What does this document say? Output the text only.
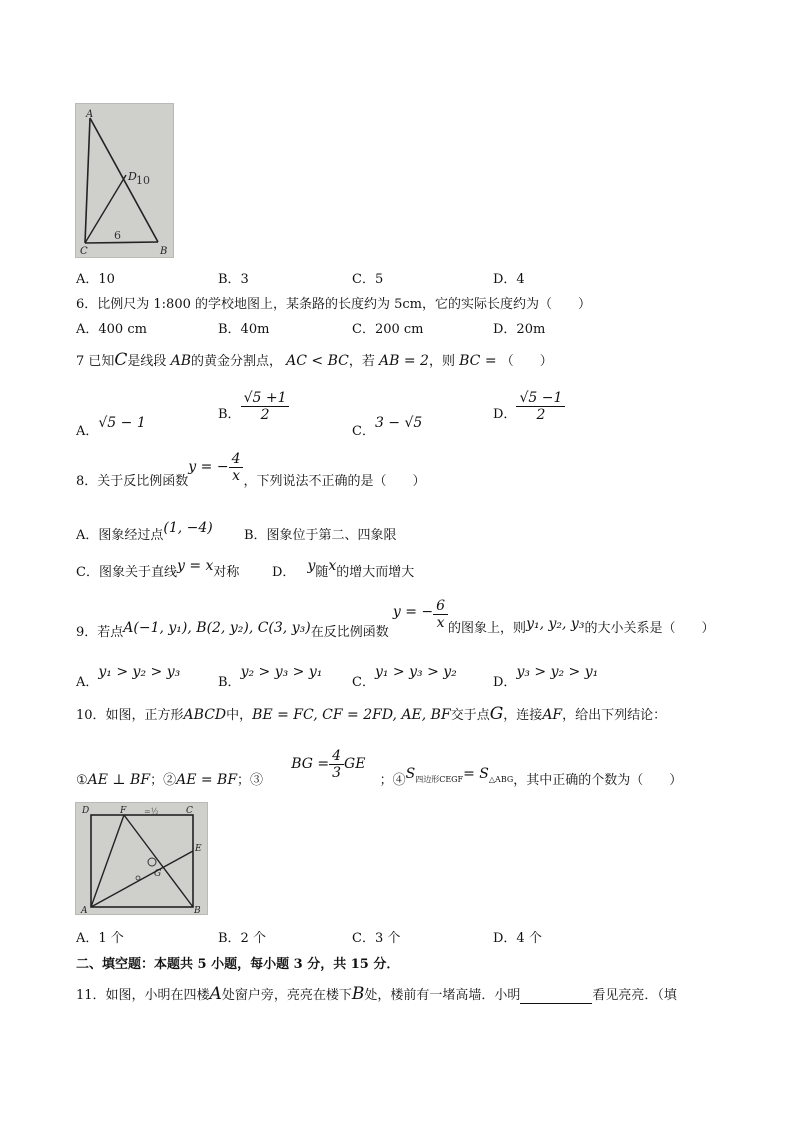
A
D 10
C	B
6
A．10	B．3	C．5	D．4
6．比例尺为 1:800 的学校地图上，某条路的长度约为 5cm，它的实际长度约为（　　）
A．400 cm	B．40m	C．200 cm	D．20m
7 已知C是线段 AB的黄金分割点， AC < BC，若 AB = 2，则 BC = （　　）
A．√5 − 1
B． $\frac{√5 +1}{2}$
C．3 − √5
D． $\frac{√5 -1}{2}$
8．关于反比例函数y = − $\frac{4}{x}$ ，下列说法不正确的是（　　）
A．图象经过点(1, −4) B．图象位于第二、四象限
C．图象关于直线y = x对称	D． y随x的增大而增大
9．若点A(−1, y₁), B(2, y₂), C(3, y₃)在反比例函数 y = − $\frac{6}{x}$ 的图象上，则y₁, y₂, y₃的大小关系是（　　）
A．y₁ > y₂ > y₃
B．y₂ > y₃ > y₁
C．y₁ > y₃ > y₂
D．y₃ > y₂ > y₁
10．如图，正方形ABCD中，BE = FC, CF = 2FD, AE, BF交于点G，连接AF，给出下列结论：
①AE ⊥ BF；②AE = BF；③ BG = $\frac{4}{3}$ GE ；$④S_{四边形CEGF}= S_{\triangle ABG}$，其中正确的个数为（　　）
D	F =½	C
E
G
A	B
A．1 个	B．2 个	C．3 个	D．4 个
二、填空题：本题共 5 小题，每小题 3 分，共 15 分．
11．如图，小明在四楼A处窗户旁，亮亮在楼下B处，楼前有一堵高墙．小明	看见亮亮．（填
